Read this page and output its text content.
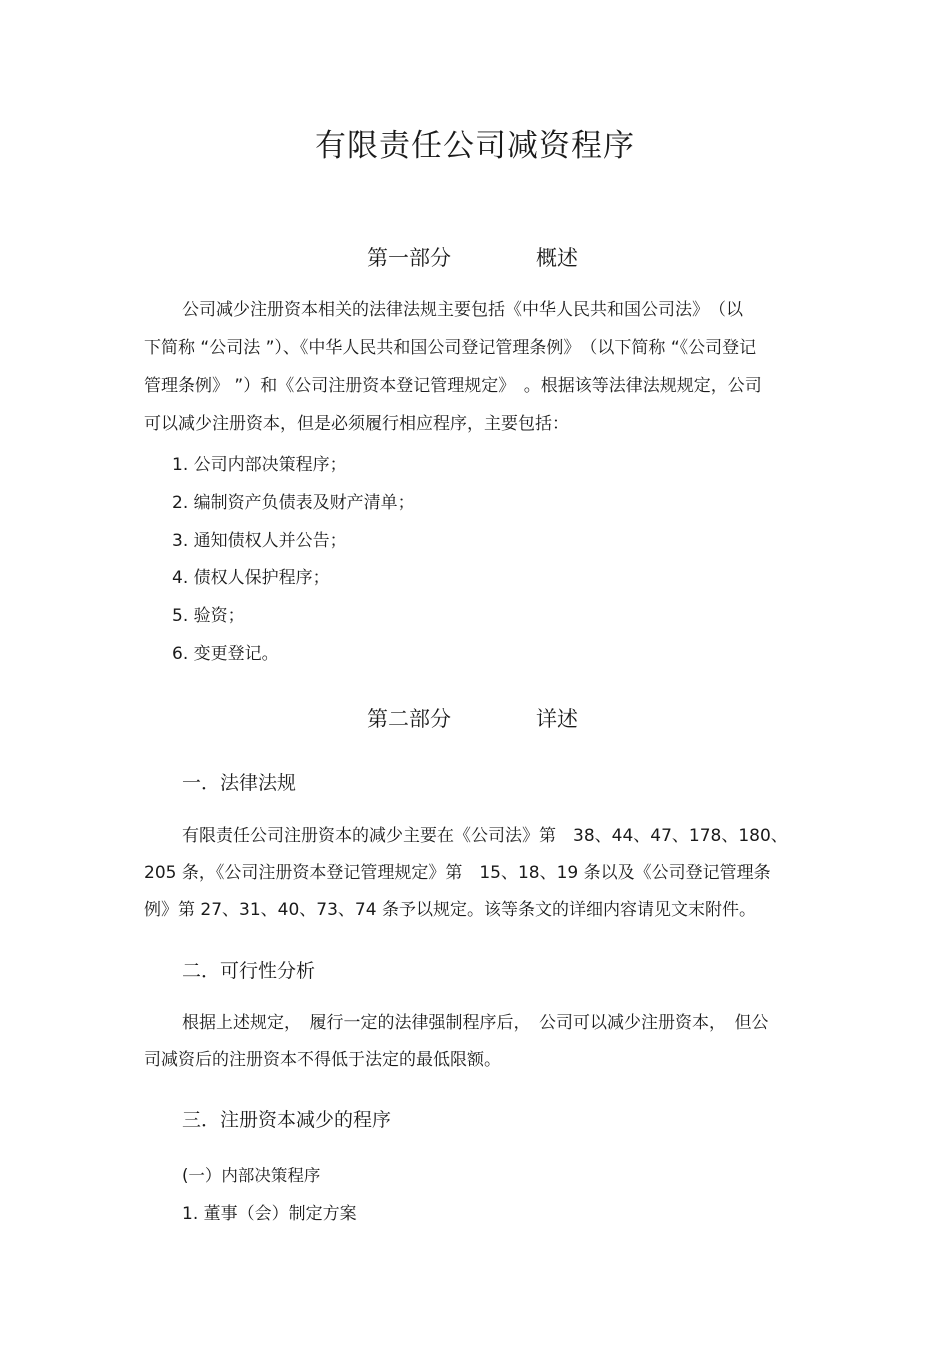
有限责任公司减资程序
第一部分	概述
公司减少注册资本相关的法律法规主要包括《中华人民共和国公司法》　（以
下简称 “公司法 ”）、《中华人民共和国公司登记管理条例》　（以下简称 “《公司登记
管理条例》 ”）和《公司注册资本登记管理规定》　。根据该等法律法规规定，公司
可以减少注册资本，但是必须履行相应程序，主要包括：
1. 公司内部决策程序；
2. 编制资产负债表及财产清单；
3. 通知债权人并公告；
4. 债权人保护程序；
5. 验资；
6. 变更登记。
第二部分	详述
一．法律法规
有限责任公司注册资本的减少主要在《公司法》第　38、44、47、178、180、
205 条，《公司注册资本登记管理规定》第　15、18、19 条以及《公司登记管理条
例》第 27、31、40、73、74 条予以规定。该等条文的详细内容请见文末附件。
二．可行性分析
根据上述规定，　履行一定的法律强制程序后，　公司可以减少注册资本，　但公
司减资后的注册资本不得低于法定的最低限额。
三．注册资本减少的程序
(一）内部决策程序
1. 董事（会）制定方案
